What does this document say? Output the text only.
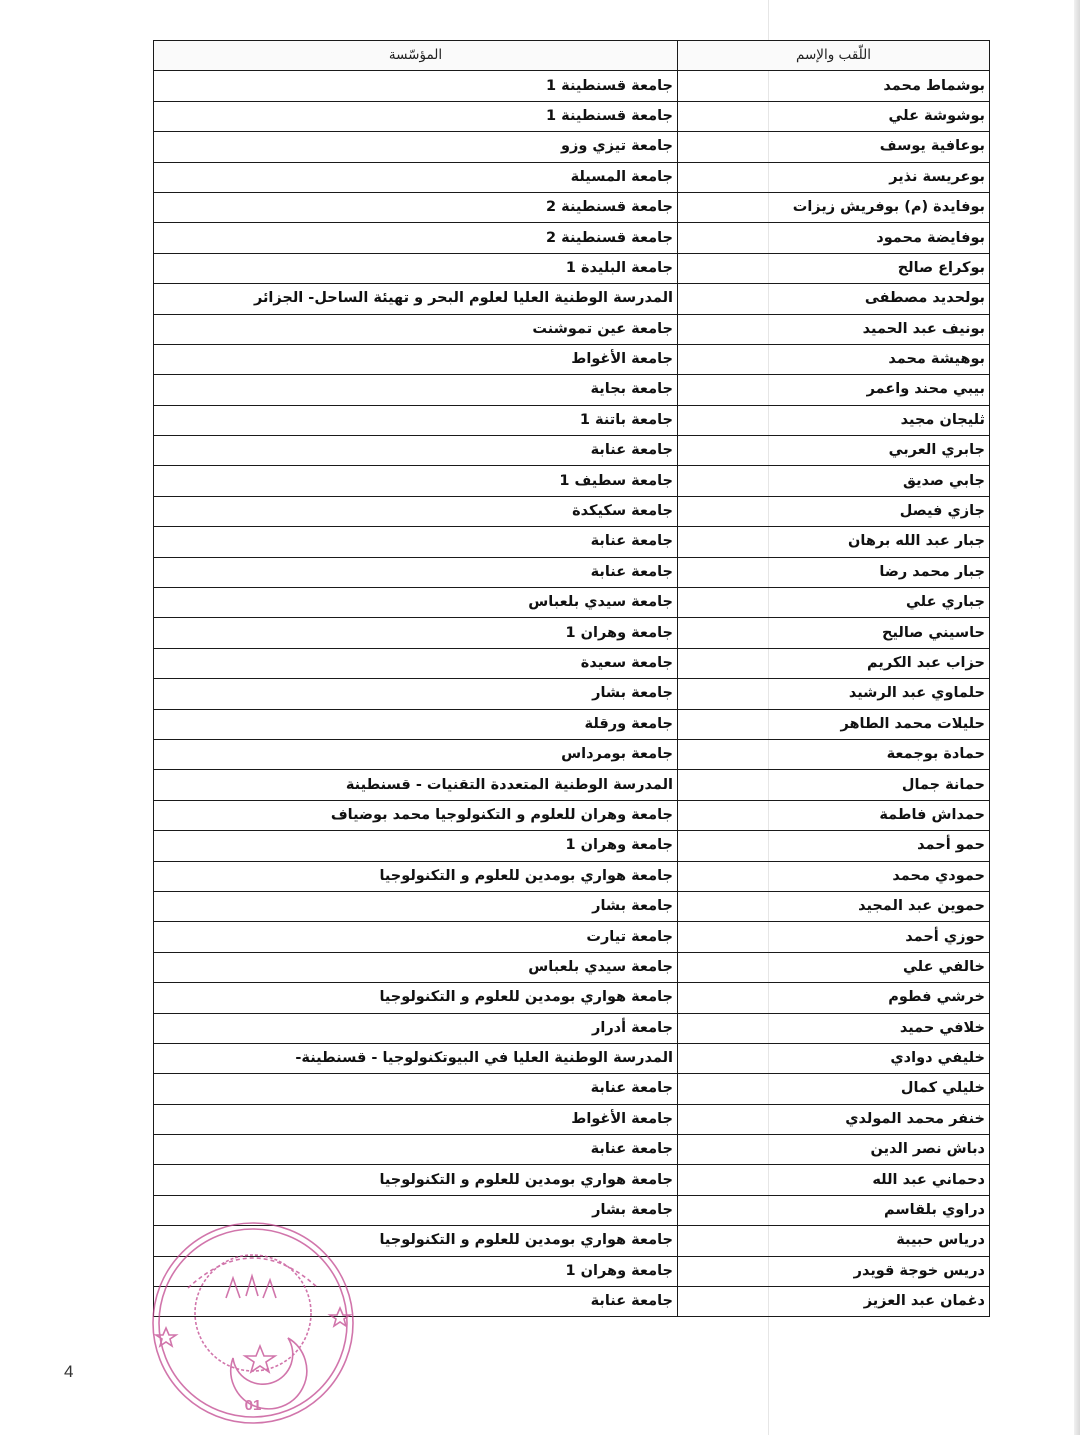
اللّقب والإسم	المؤسّسة
بوشماط محمد	جامعة قسنطينة 1
بوشوشة علي	جامعة قسنطينة 1
بوعافية يوسف	جامعة تيزي وزو
بوعريسة نذير	جامعة المسيلة
بوفايدة (م) بوفريش زيزات	جامعة قسنطينة 2
بوفايضة محمود	جامعة قسنطينة 2
بوكراع صالح	جامعة البليدة 1
بولحديد مصطفى	المدرسة الوطنية العليا لعلوم البحر و تهيئة الساحل- الجزائر
بونيف عبد الحميد	جامعة عين تموشنت
بوهيشة محمد	جامعة الأغواط
بيبي محند واعمر	جامعة بجاية
ثليجان مجيد	جامعة باتنة 1
جابري العربي	جامعة عنابة
جابي صديق	جامعة سطيف 1
جازي فيصل	جامعة سكيكدة
جبار عبد الله برهان	جامعة عنابة
جبار محمد رضا	جامعة عنابة
جباري علي	جامعة سيدي بلعباس
حاسيني صاليح	جامعة وهران 1
حزاب عبد الكريم	جامعة سعيدة
حلماوي عبد الرشيد	جامعة بشار
حليلات محمد الطاهر	جامعة ورقلة
حمادة بوجمعة	جامعة بومرداس
حمانة جمال	المدرسة الوطنية المتعددة التقنيات - قسنطينة
حمداش فاطمة	جامعة وهران للعلوم و التكنولوجيا محمد بوضياف
حمو أحمد	جامعة وهران 1
حمودي محمد	جامعة هواري بومدين للعلوم و التكنولوجيا
حموين عبد المجيد	جامعة بشار
حوزي أحمد	جامعة تيارت
خالفي علي	جامعة سيدي بلعباس
خرشي فطوم	جامعة هواري بومدين للعلوم و التكنولوجيا
خلافي حميد	جامعة أدرار
خليفي دوادي	المدرسة الوطنية العليا في البيوتكنولوجيا - قسنطينة-
خليلي كمال	جامعة عنابة
خنفر محمد المولدي	جامعة الأغواط
دباش نصر الدين	جامعة عنابة
دحماني عبد الله	جامعة هواري بومدين للعلوم و التكنولوجيا
دراوي بلقاسم	جامعة بشار
درياس حبيبة	جامعة هواري بومدين للعلوم و التكنولوجيا
دريس خوجة قويدر	جامعة وهران 1
دغمان عبد العزيز	جامعة عنابة
01
4
